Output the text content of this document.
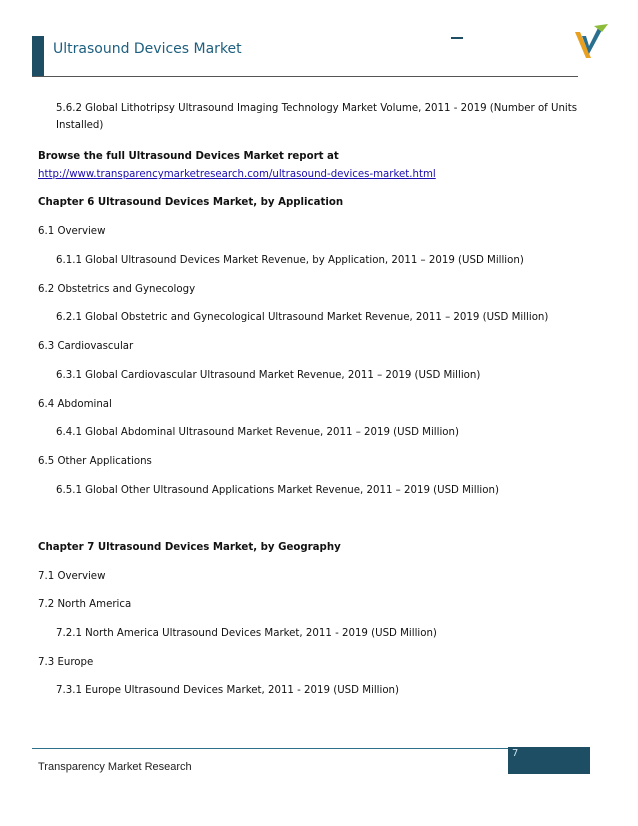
Ultrasound Devices Market
5.6.2 Global Lithotripsy Ultrasound Imaging Technology Market Volume, 2011 - 2019 (Number of Units Installed)
Browse the full Ultrasound Devices Market report at
http://www.transparencymarketresearch.com/ultrasound-devices-market.html
Chapter 6 Ultrasound Devices Market, by Application
6.1 Overview
6.1.1 Global Ultrasound Devices Market Revenue, by Application, 2011 – 2019 (USD Million)
6.2 Obstetrics and Gynecology
6.2.1 Global Obstetric and Gynecological Ultrasound Market Revenue, 2011 – 2019 (USD Million)
6.3 Cardiovascular
6.3.1 Global Cardiovascular Ultrasound Market Revenue, 2011 – 2019 (USD Million)
6.4 Abdominal
6.4.1 Global Abdominal Ultrasound Market Revenue, 2011 – 2019 (USD Million)
6.5 Other Applications
6.5.1 Global Other Ultrasound Applications Market Revenue, 2011 – 2019 (USD Million)
Chapter 7 Ultrasound Devices Market, by Geography
7.1 Overview
7.2 North America
7.2.1 North America Ultrasound Devices Market, 2011 - 2019 (USD Million)
7.3 Europe
7.3.1 Europe Ultrasound Devices Market, 2011 - 2019 (USD Million)
7
Transparency Market Research
